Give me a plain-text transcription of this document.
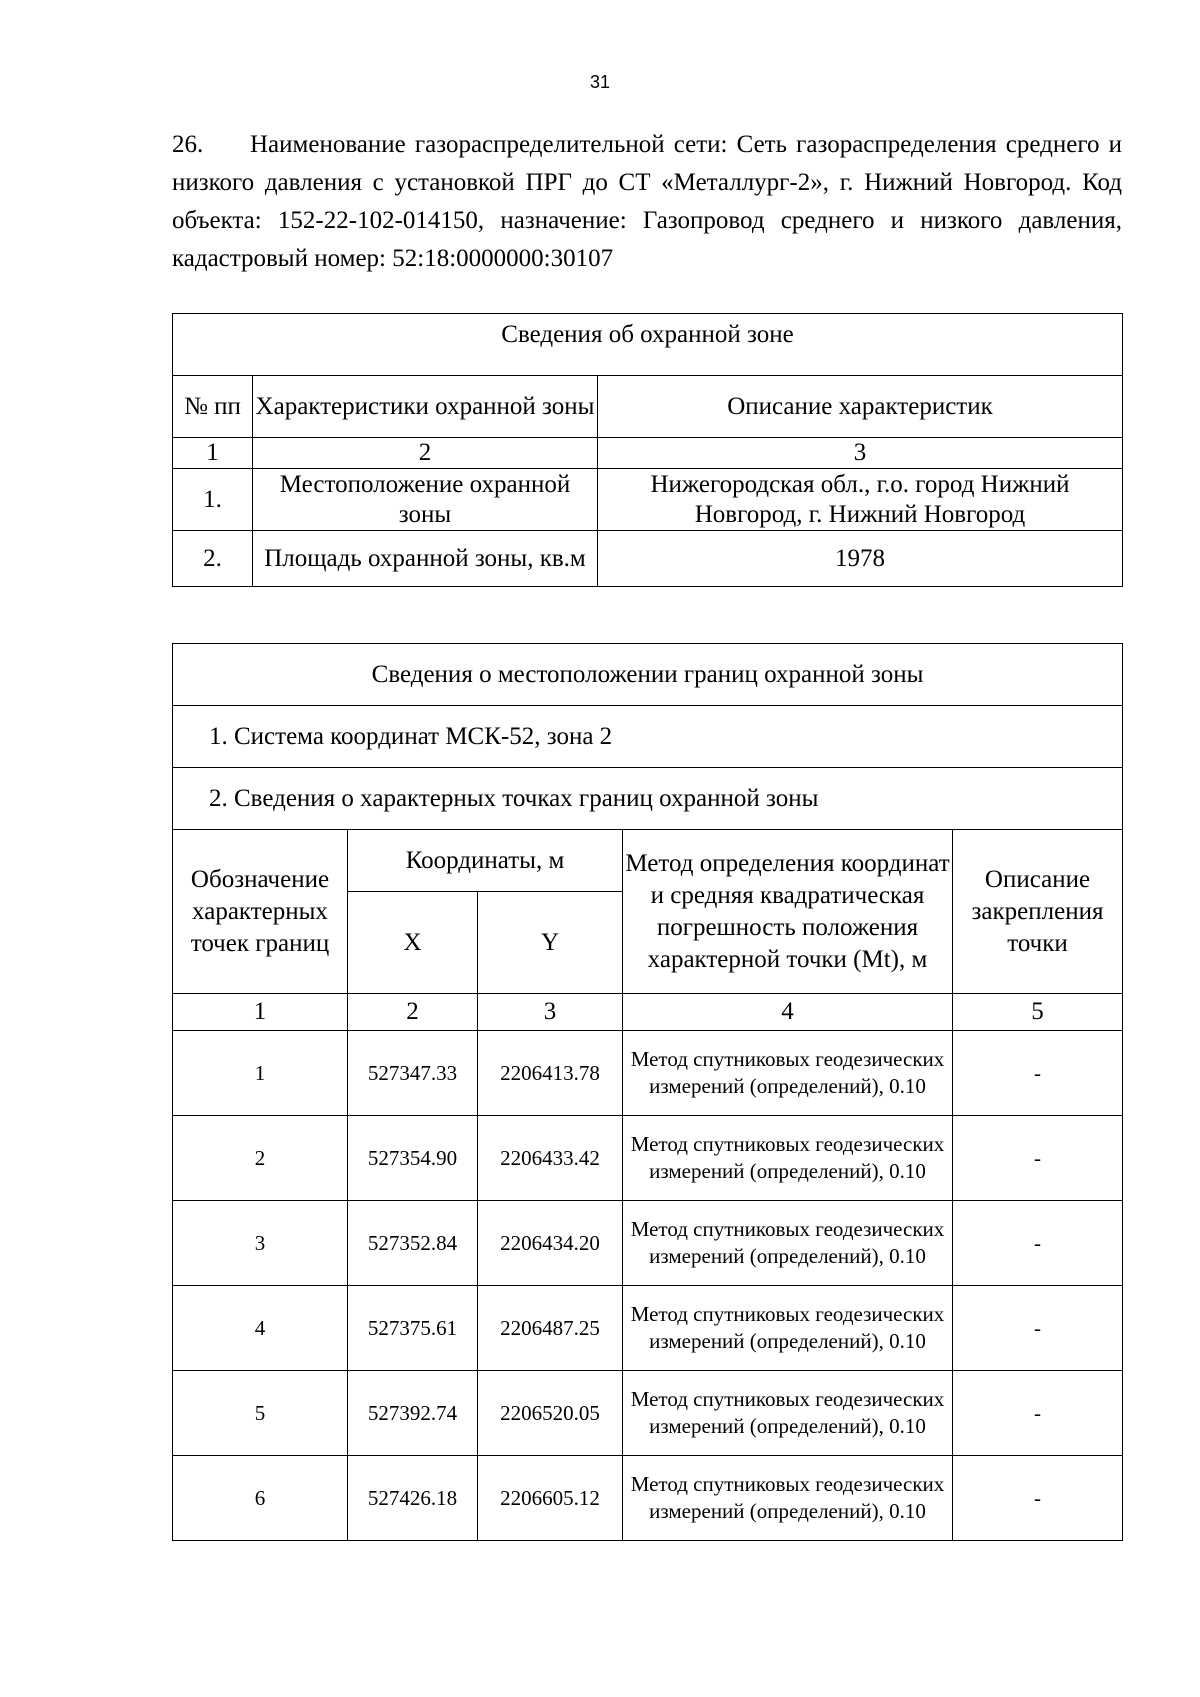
31
26. Наименование газораспределительной сети: Сеть газораспределения среднего и низкого давления с установкой ПРГ до СТ «Металлург-2», г. Нижний Новгород. Код объекта: 152-22-102-014150, назначение: Газопровод среднего и низкого давления, кадастровый номер: 52:18:0000000:30107
Сведения об охранной зоне		
№ пп	Характеристики охранной зоны	Описание характеристик
1	2	3
1.	Местоположение охранной зоны	Нижегородская обл., г.о. город Нижний Новгород, г. Нижний Новгород
2.	Площадь охранной зоны, кв.м	1978
Сведения о местоположении границ охранной зоны				
1. Система координат МСК-52, зона 2				
2. Сведения о характерных точках границ охранной зоны				
Обозначение характерных точек границ	Координаты, м		Метод определения координат и средняя квадратическая погрешность положения характерной точки (Mt), м	Описание закрепления точки
	X	Y		
1	2	3	4	5
1	527347.33	2206413.78	Метод спутниковых геодезических измерений (определений), 0.10	-
2	527354.90	2206433.42	Метод спутниковых геодезических измерений (определений), 0.10	-
3	527352.84	2206434.20	Метод спутниковых геодезических измерений (определений), 0.10	-
4	527375.61	2206487.25	Метод спутниковых геодезических измерений (определений), 0.10	-
5	527392.74	2206520.05	Метод спутниковых геодезических измерений (определений), 0.10	-
6	527426.18	2206605.12	Метод спутниковых геодезических измерений (определений), 0.10	-
